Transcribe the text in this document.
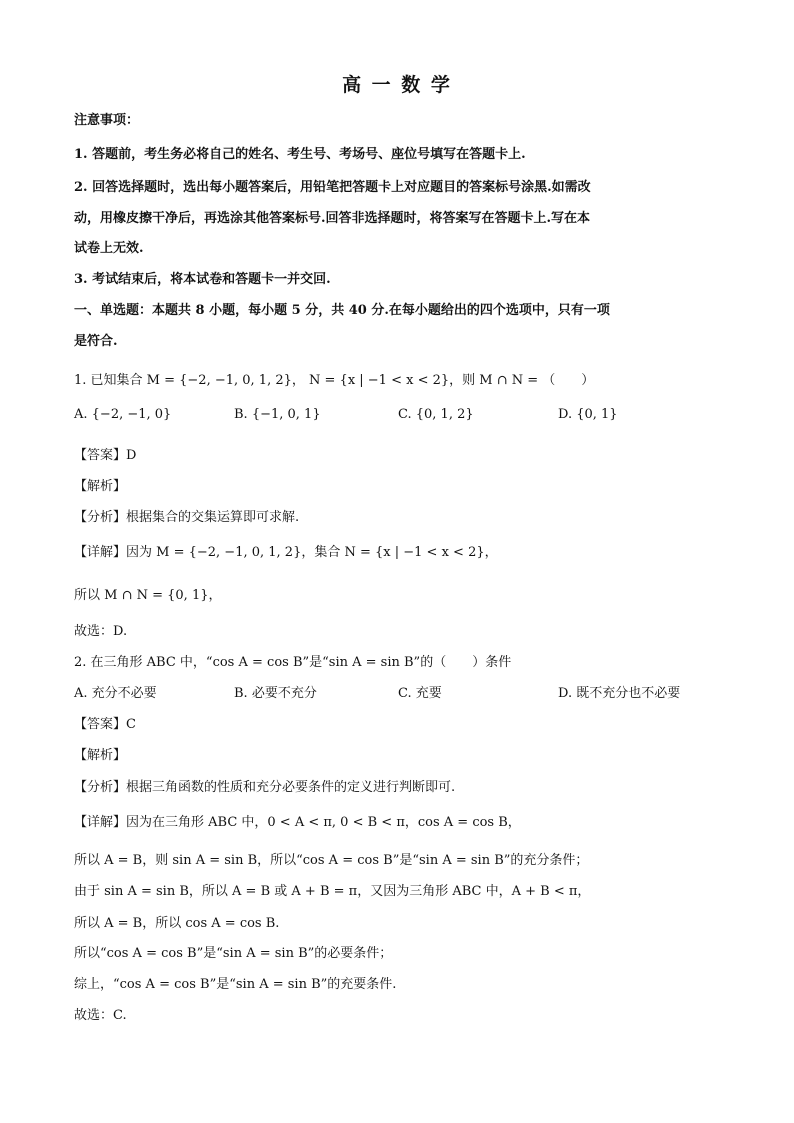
高 一 数 学
注意事项：
1. 答题前，考生务必将自己的姓名、考生号、考场号、座位号填写在答题卡上.
2. 回答选择题时，选出每小题答案后，用铅笔把答题卡上对应题目的答案标号涂黑.如需改
动，用橡皮擦干净后，再选涂其他答案标号.回答非选择题时，将答案写在答题卡上.写在本
试卷上无效.
3. 考试结束后，将本试卷和答题卡一并交回.
一、单选题：本题共 8 小题，每小题 5 分，共 40 分.在每小题给出的四个选项中，只有一项
是符合.
1. 已知集合 M = {−2, −1, 0, 1, 2}， N = {x | −1 < x < 2}，则 M ∩ N = （　　）
A. {−2, −1, 0}	B. {−1, 0, 1}	C. {0, 1, 2}	D. {0, 1}
【答案】D
【解析】
【分析】根据集合的交集运算即可求解.
【详解】因为 M = {−2, −1, 0, 1, 2}，集合 N = {x | −1 < x < 2}，
所以 M ∩ N = {0, 1}，
故选：D.
2. 在三角形 ABC 中，“cos A = cos B”是“sin A = sin B”的（　　）条件
A. 充分不必要	B. 必要不充分	C. 充要	D. 既不充分也不必要
【答案】C
【解析】
【分析】根据三角函数的性质和充分必要条件的定义进行判断即可.
【详解】因为在三角形 ABC 中，0 < A < π, 0 < B < π，cos A = cos B，
所以 A = B，则 sin A = sin B，所以“cos A = cos B”是“sin A = sin B”的充分条件；
由于 sin A = sin B，所以 A = B 或 A + B = π，又因为三角形 ABC 中，A + B < π，
所以 A = B，所以 cos A = cos B.
所以“cos A = cos B”是“sin A = sin B”的必要条件；
综上，“cos A = cos B”是“sin A = sin B”的充要条件.
故选：C.
